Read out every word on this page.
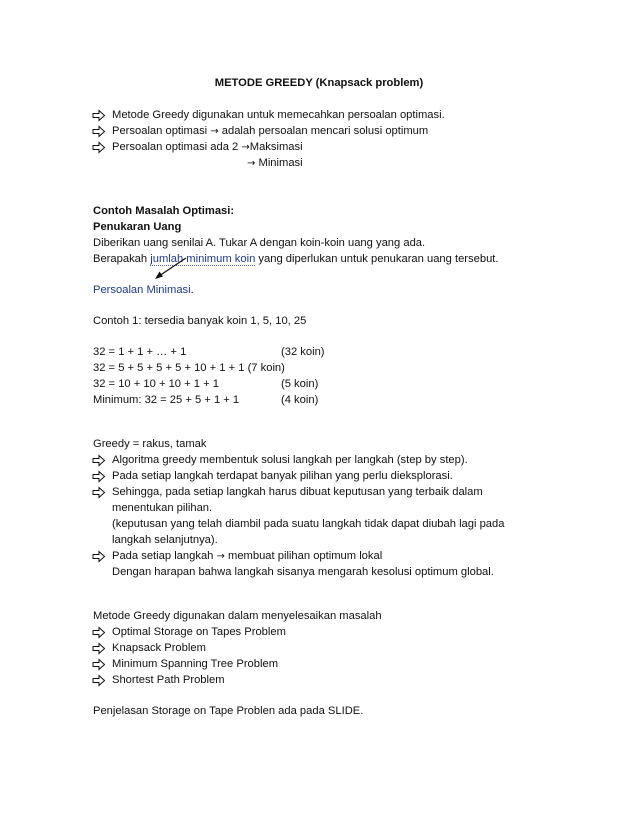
METODE GREEDY (Knapsack problem)
Metode Greedy digunakan untuk memecahkan persoalan optimasi.
Persoalan optimasi → adalah persoalan mencari solusi optimum
Persoalan optimasi ada 2 →Maksimasi
→ Minimasi
Contoh Masalah Optimasi:
Penukaran Uang
Diberikan uang senilai A. Tukar A dengan koin-koin uang yang ada.
Berapakah jumlah minimum koin yang diperlukan untuk penukaran uang tersebut.
Persoalan Minimasi.
Contoh 1: tersedia banyak koin 1, 5, 10, 25
32 = 1 + 1 + … + 1	(32 koin)
32 = 5 + 5 + 5 + 5 + 10 + 1 + 1 (7 koin)
32 = 10 + 10 + 10 + 1 + 1	(5 koin)
Minimum: 32 = 25 + 5 + 1 + 1	(4 koin)
Greedy = rakus, tamak
Algoritma greedy membentuk solusi langkah per langkah (step by step).
Pada setiap langkah terdapat banyak pilihan yang perlu dieksplorasi.
Sehingga, pada setiap langkah harus dibuat keputusan yang terbaik dalam
menentukan pilihan.
(keputusan yang telah diambil pada suatu langkah tidak dapat diubah lagi pada
langkah selanjutnya).
Pada setiap langkah → membuat pilihan optimum lokal
Dengan harapan bahwa langkah sisanya mengarah kesolusi optimum global.
Metode Greedy digunakan dalam menyelesaikan masalah
Optimal Storage on Tapes Problem
Knapsack Problem
Minimum Spanning Tree Problem
Shortest Path Problem
Penjelasan Storage on Tape Problen ada pada SLIDE.
